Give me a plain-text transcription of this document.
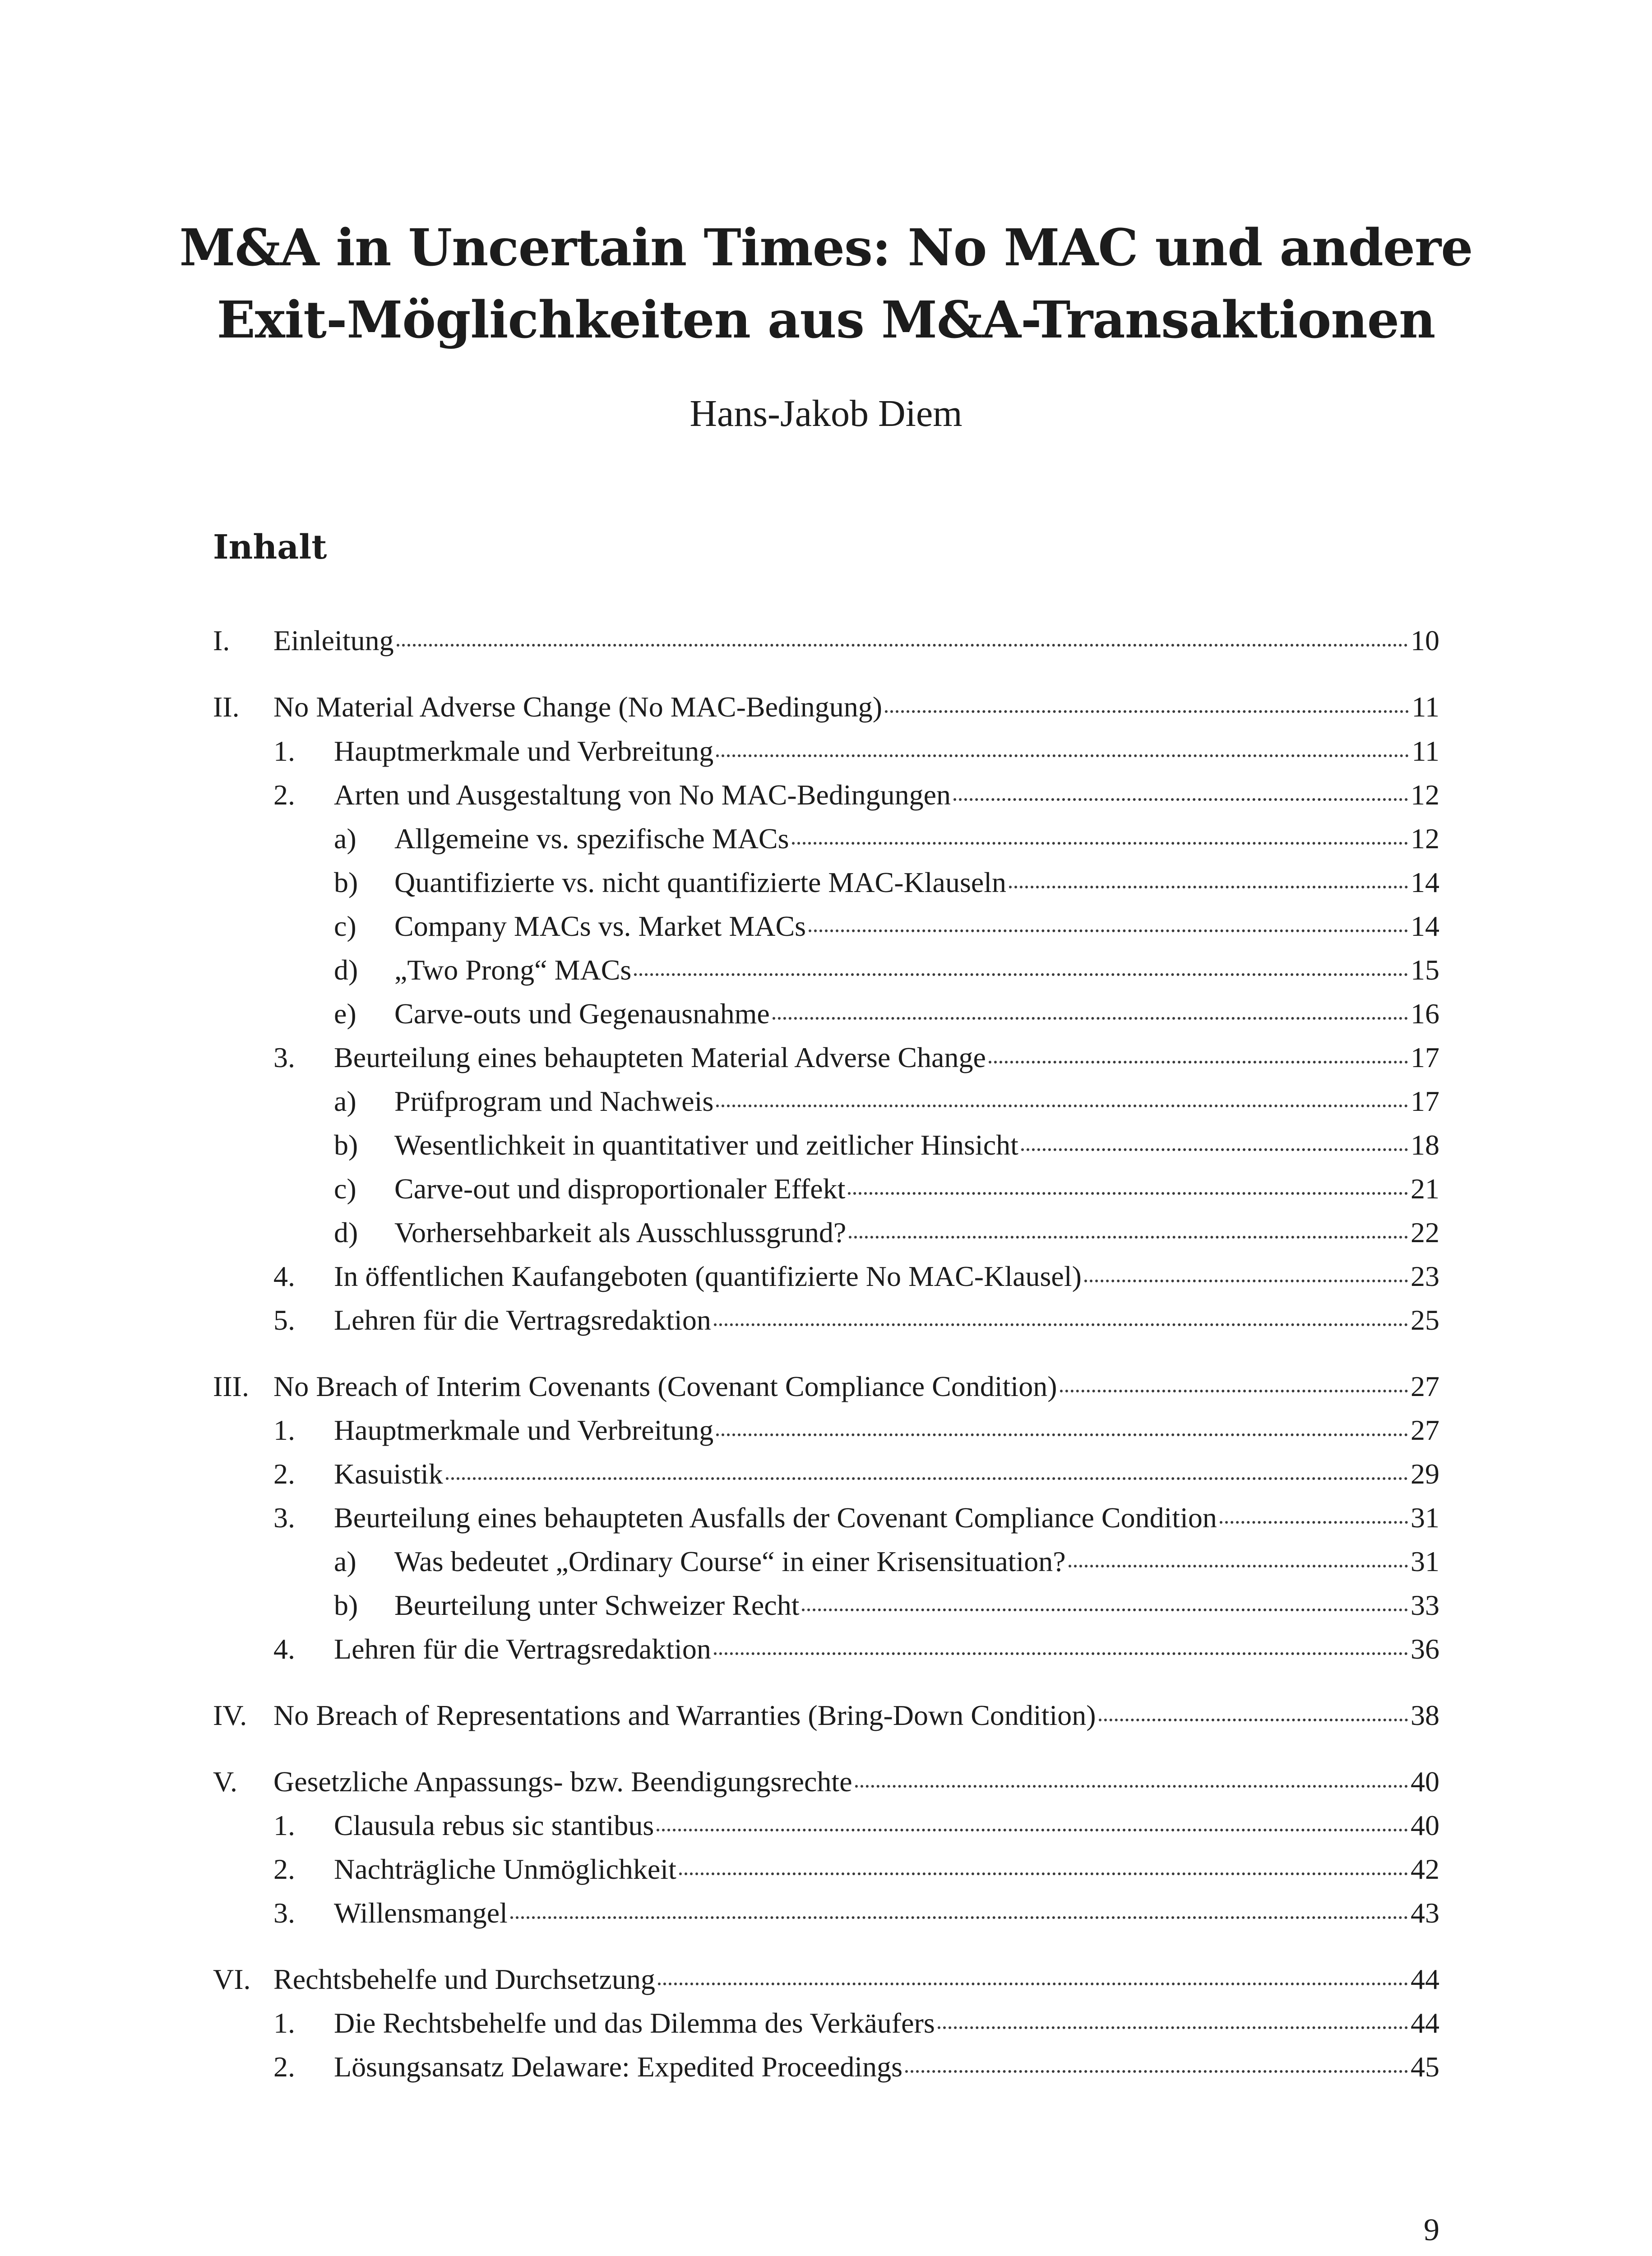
M&A in Uncertain Times: No MAC und andere
Exit-Möglichkeiten aus M&A-Transaktionen
Hans-Jakob Diem
Inhalt
I.	Einleitung	10
II.	No Material Adverse Change (No MAC-Bedingung)	11
1.	Hauptmerkmale und Verbreitung	11
2.	Arten und Ausgestaltung von No MAC-Bedingungen	12
a)	Allgemeine vs. spezifische MACs	12
b)	Quantifizierte vs. nicht quantifizierte MAC-Klauseln	14
c)	Company MACs vs. Market MACs	14
d)	„Two Prong“ MACs	15
e)	Carve-outs und Gegenausnahme	16
3.	Beurteilung eines behaupteten Material Adverse Change	17
a)	Prüfprogram und Nachweis	17
b)	Wesentlichkeit in quantitativer und zeitlicher Hinsicht	18
c)	Carve-out und disproportionaler Effekt	21
d)	Vorhersehbarkeit als Ausschlussgrund?	22
4.	In öffentlichen Kaufangeboten (quantifizierte No MAC-Klausel)	23
5.	Lehren für die Vertragsredaktion	25
III. No Breach of Interim Covenants (Covenant Compliance Condition)	27
1.	Hauptmerkmale und Verbreitung	27
2.	Kasuistik	29
3.	Beurteilung eines behaupteten Ausfalls der Covenant Compliance Condition	31
a)	Was bedeutet „Ordinary Course“ in einer Krisensituation?	31
b)	Beurteilung unter Schweizer Recht	33
4.	Lehren für die Vertragsredaktion	36
IV. No Breach of Representations and Warranties (Bring-Down Condition)	38
V.	Gesetzliche Anpassungs- bzw. Beendigungsrechte	40
1.	Clausula rebus sic stantibus	40
2.	Nachträgliche Unmöglichkeit	42
3.	Willensmangel	43
VI. Rechtsbehelfe und Durchsetzung	44
1.	Die Rechtsbehelfe und das Dilemma des Verkäufers	44
2.	Lösungsansatz Delaware: Expedited Proceedings	45
9
